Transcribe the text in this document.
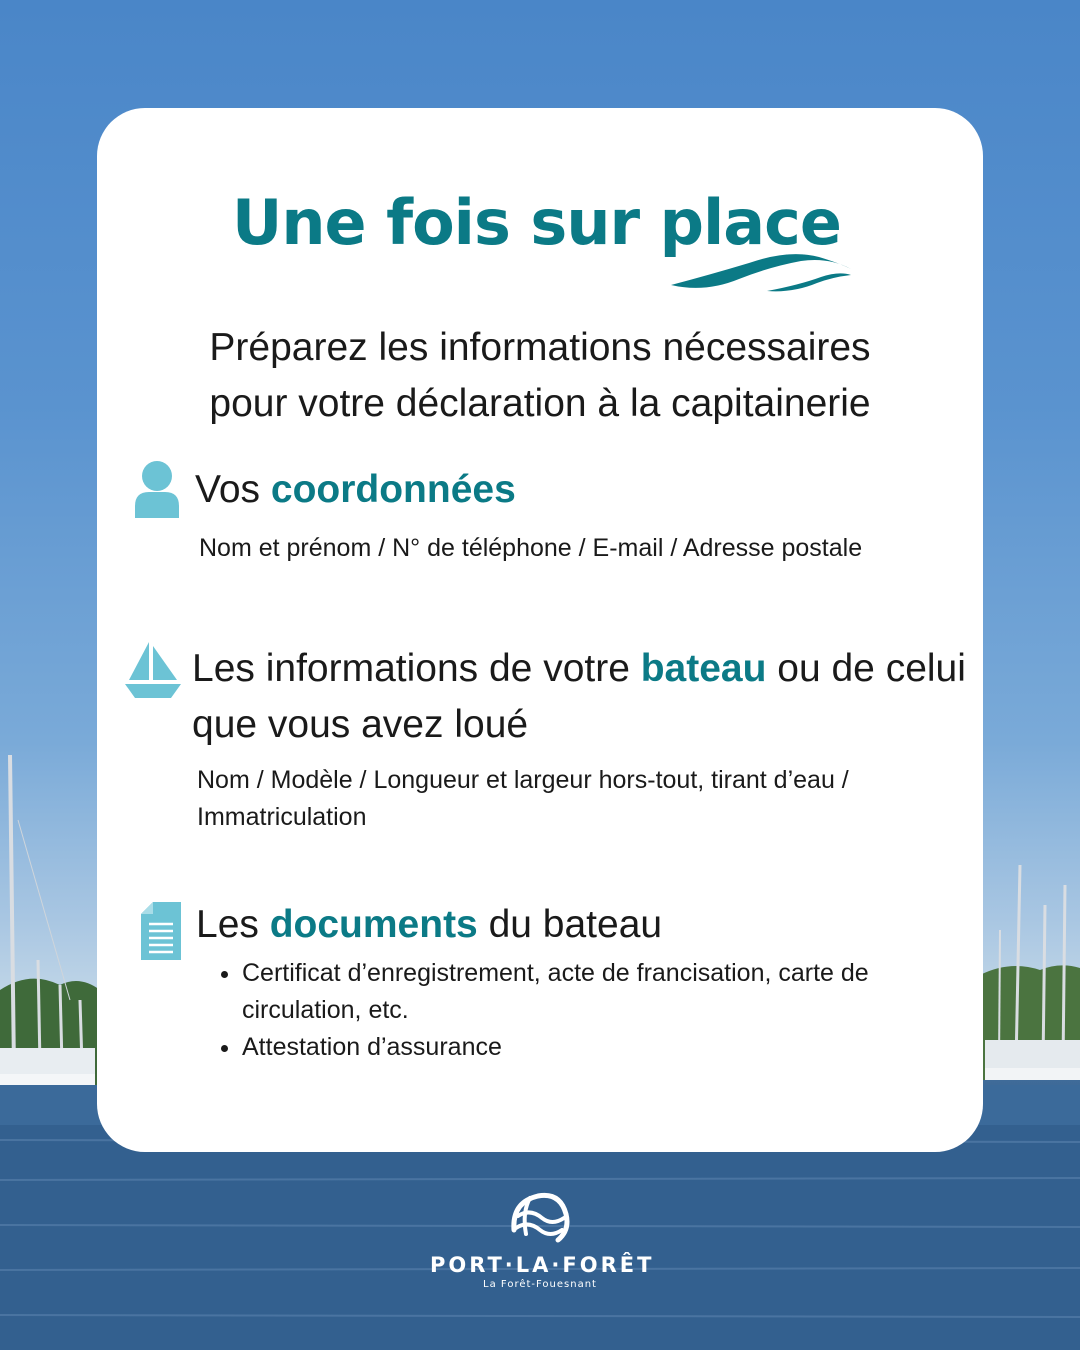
Une fois sur place
Préparez les informations nécessaires
pour votre déclaration à la capitainerie
Vos coordonnées
Nom et prénom / N° de téléphone / E-mail / Adresse postale
Les informations de votre bateau ou de celui
que vous avez loué
Nom / Modèle / Longueur et largeur hors-tout, tirant d’eau /
Immatriculation
Les documents du bateau
Certificat d’enregistrement, acte de francisation, carte de
circulation, etc.
Attestation d’assurance
PORT·LA·FORÊT
La Forêt-Fouesnant
